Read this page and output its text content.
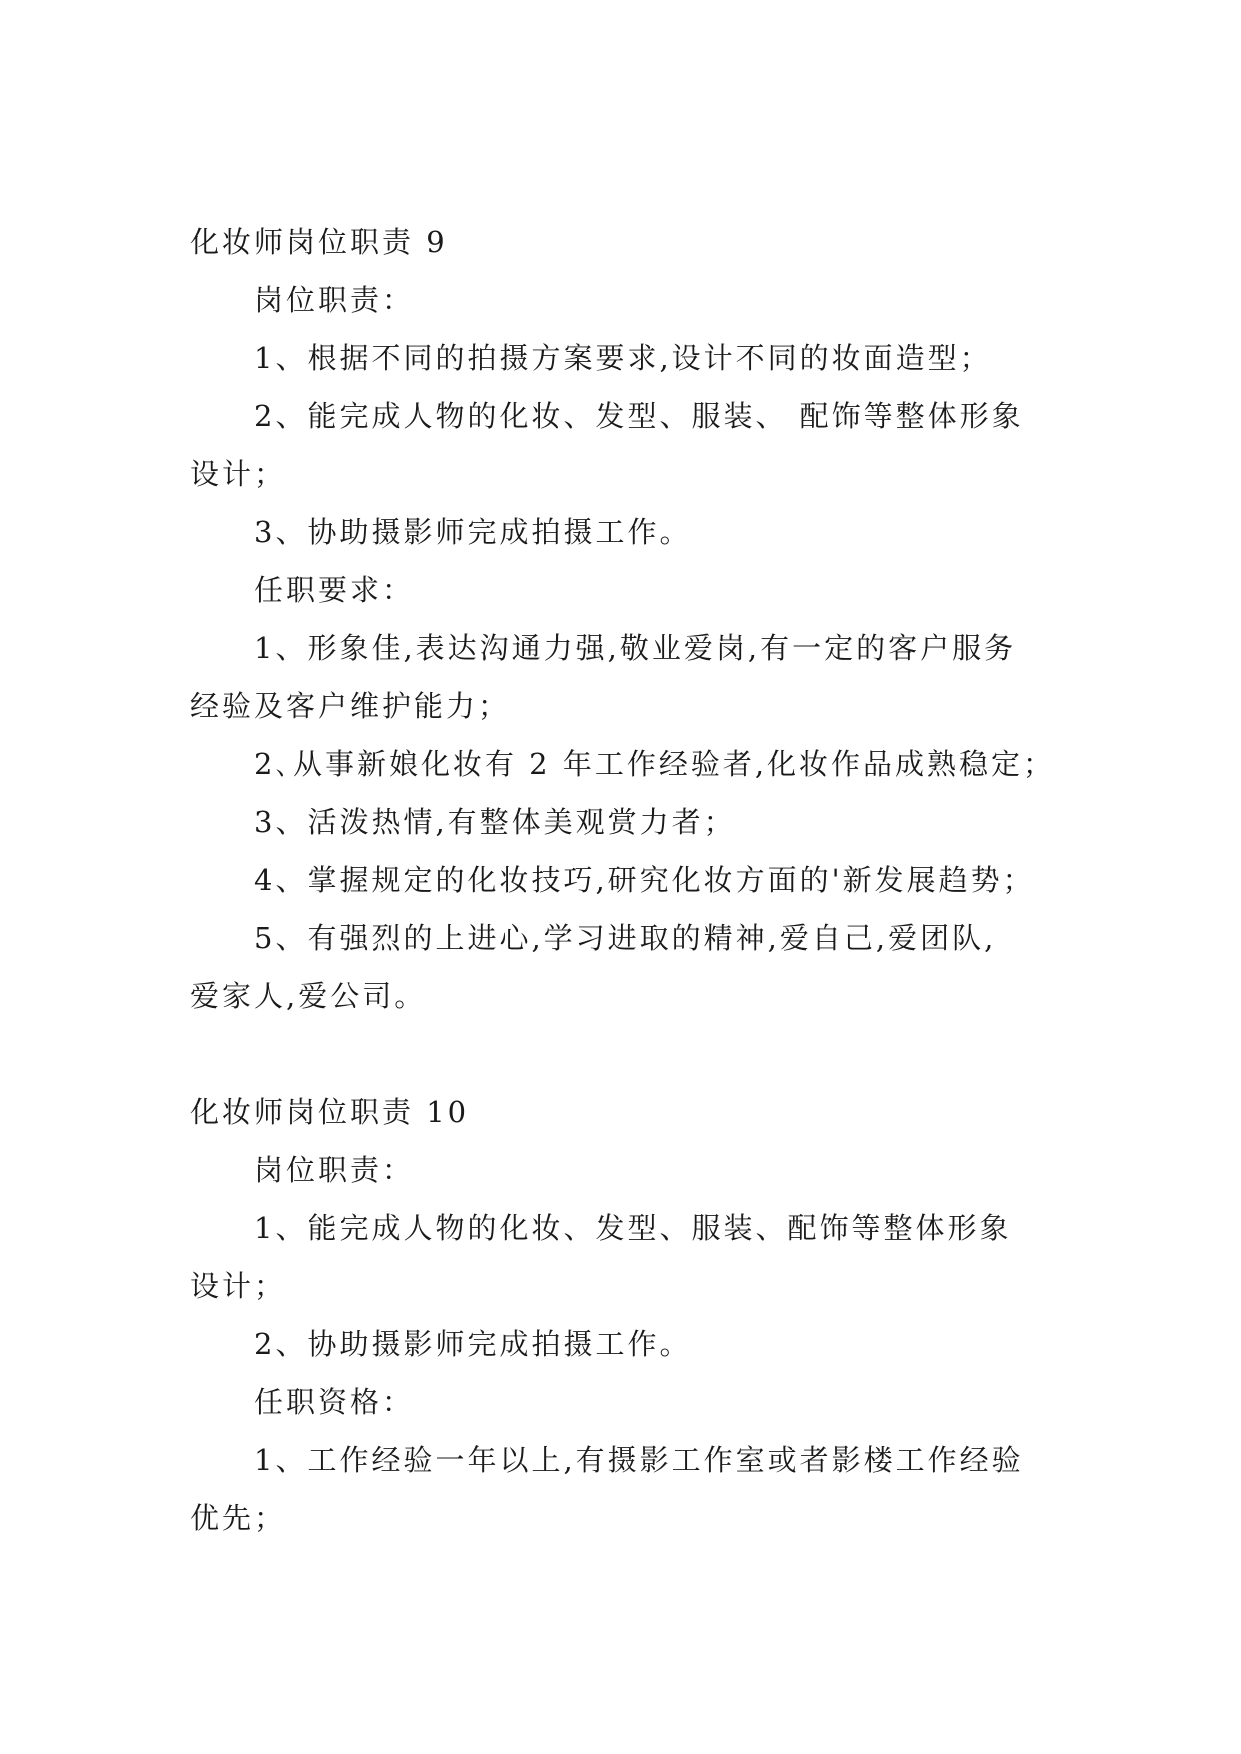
化妆师岗位职责 9
岗位职责：
1、根据不同的拍摄方案要求,设计不同的妆面造型；
2、能完成人物的化妆、发型、服装、 配饰等整体形象
设计；
3、协助摄影师完成拍摄工作。
任职要求：
1、形象佳,表达沟通力强,敬业爱岗,有一定的客户服务
经验及客户维护能力；
2､从事新娘化妆有 2 年工作经验者,化妆作品成熟稳定；
3、活泼热情,有整体美观赏力者；
4、掌握规定的化妆技巧,研究化妆方面的'新发展趋势；
5、有强烈的上进心,学习进取的精神,爱自己,爱团队,
爱家人,爱公司。
化妆师岗位职责 10
岗位职责：
1、能完成人物的化妆、发型、服装、配饰等整体形象
设计；
2、协助摄影师完成拍摄工作。
任职资格：
1、工作经验一年以上,有摄影工作室或者影楼工作经验
优先；
